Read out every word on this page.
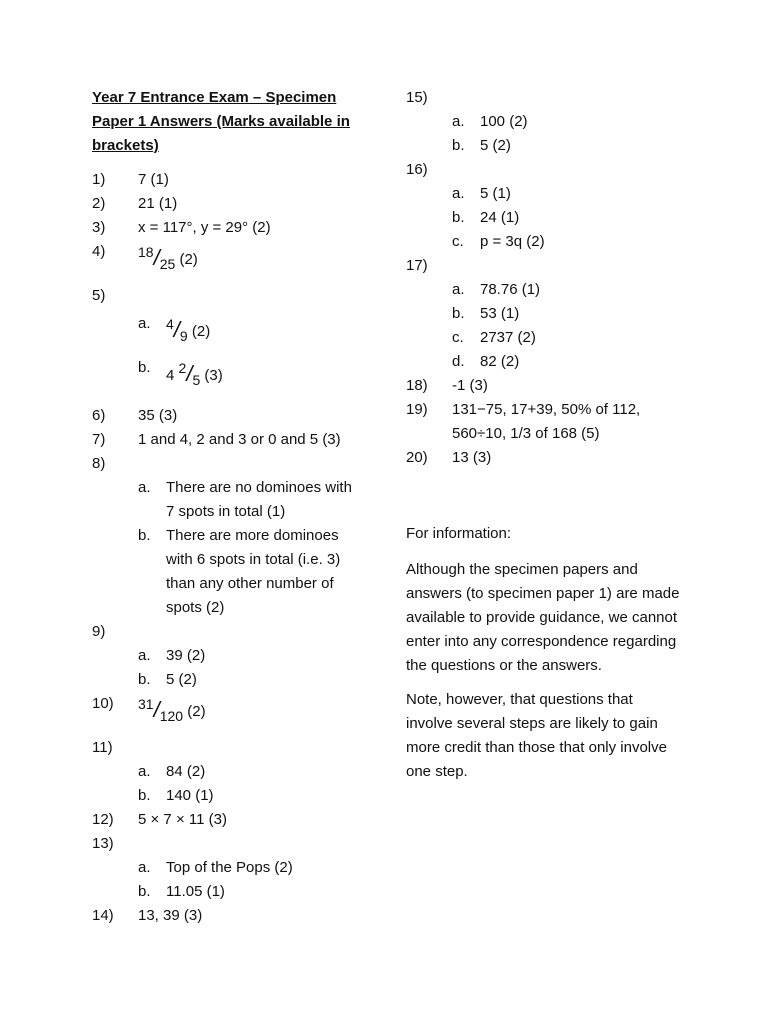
Year 7 Entrance Exam – Specimen Paper 1 Answers (Marks available in brackets)
1)	7 (1)
2)	21 (1)
3)	x = 117°, y = 29° (2)
4)	$^{18}/_{25}$ (2)
5)
a.	$^4/_9$ (2)
b.	4 $^2/_5$ (3)
6)	35 (3)
7)	1 and 4, 2 and 3 or 0 and 5 (3)
8)
a.	There are no dominoes with 7 spots in total (1)
b.	There are more dominoes with 6 spots in total (i.e. 3) than any other number of spots (2)
9)
a.	39 (2)
b.	5 (2)
10)	$^{31}/_{120}$ (2)
11)
a.	84 (2)
b.	140 (1)
12)	5 × 7 × 11 (3)
13)
a.	Top of the Pops (2)
b.	11.05 (1)
14)	13, 39 (3)
15)
a.	100 (2)
b.	5 (2)
16)
a.	5 (1)
b.	24 (1)
c.	p = 3q (2)
17)
a.	78.76 (1)
b.	53 (1)
c.	2737 (2)
d.	82 (2)
18)	-1 (3)
19)	131−75, 17+39, 50% of 112, 560÷10, 1/3 of 168 (5)
20)	13 (3)
For information:
Although the specimen papers and answers (to specimen paper 1) are made available to provide guidance, we cannot enter into any correspondence regarding the questions or the answers.
Note, however, that questions that involve several steps are likely to gain more credit than those that only involve one step.
